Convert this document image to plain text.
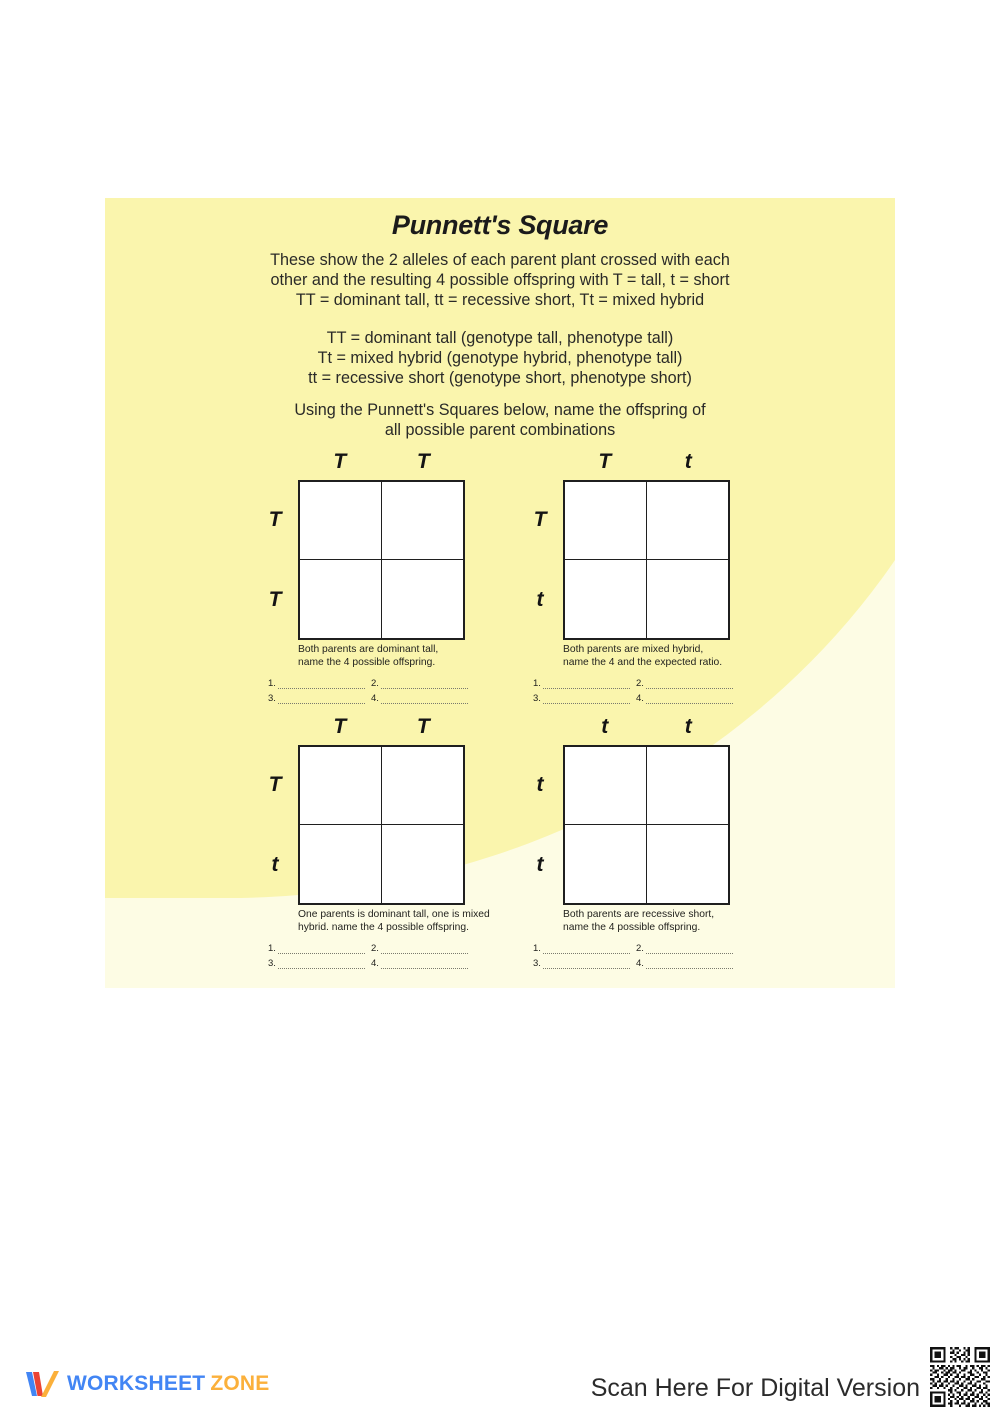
Punnett's Square
These show the 2 alleles of each parent plant crossed with each
other and the resulting 4 possible offspring with T = tall, t = short
TT = dominant tall, tt = recessive short, Tt = mixed hybrid
TT = dominant tall (genotype tall, phenotype tall)
Tt = mixed hybrid (genotype hybrid, phenotype tall)
tt = recessive short (genotype short, phenotype short)
Using the Punnett's Squares below, name the offspring of
all possible parent combinations
T	T
T
T
Both parents are dominant tall,
name the 4 possible offspring.
1.	2.
3.	4.
T	t
T
t
Both parents are mixed hybrid,
name the 4 and the expected ratio.
1.	2.
3.	4.
T	T
T
t
One parents is dominant tall, one is mixed
hybrid. name the 4 possible offspring.
1.	2.
3.	4.
t	t
t
t
Both parents are recessive short,
name the 4 possible offspring.
1.	2.
3.	4.
WORKSHEET ZONE	Scan Here For Digital Version
